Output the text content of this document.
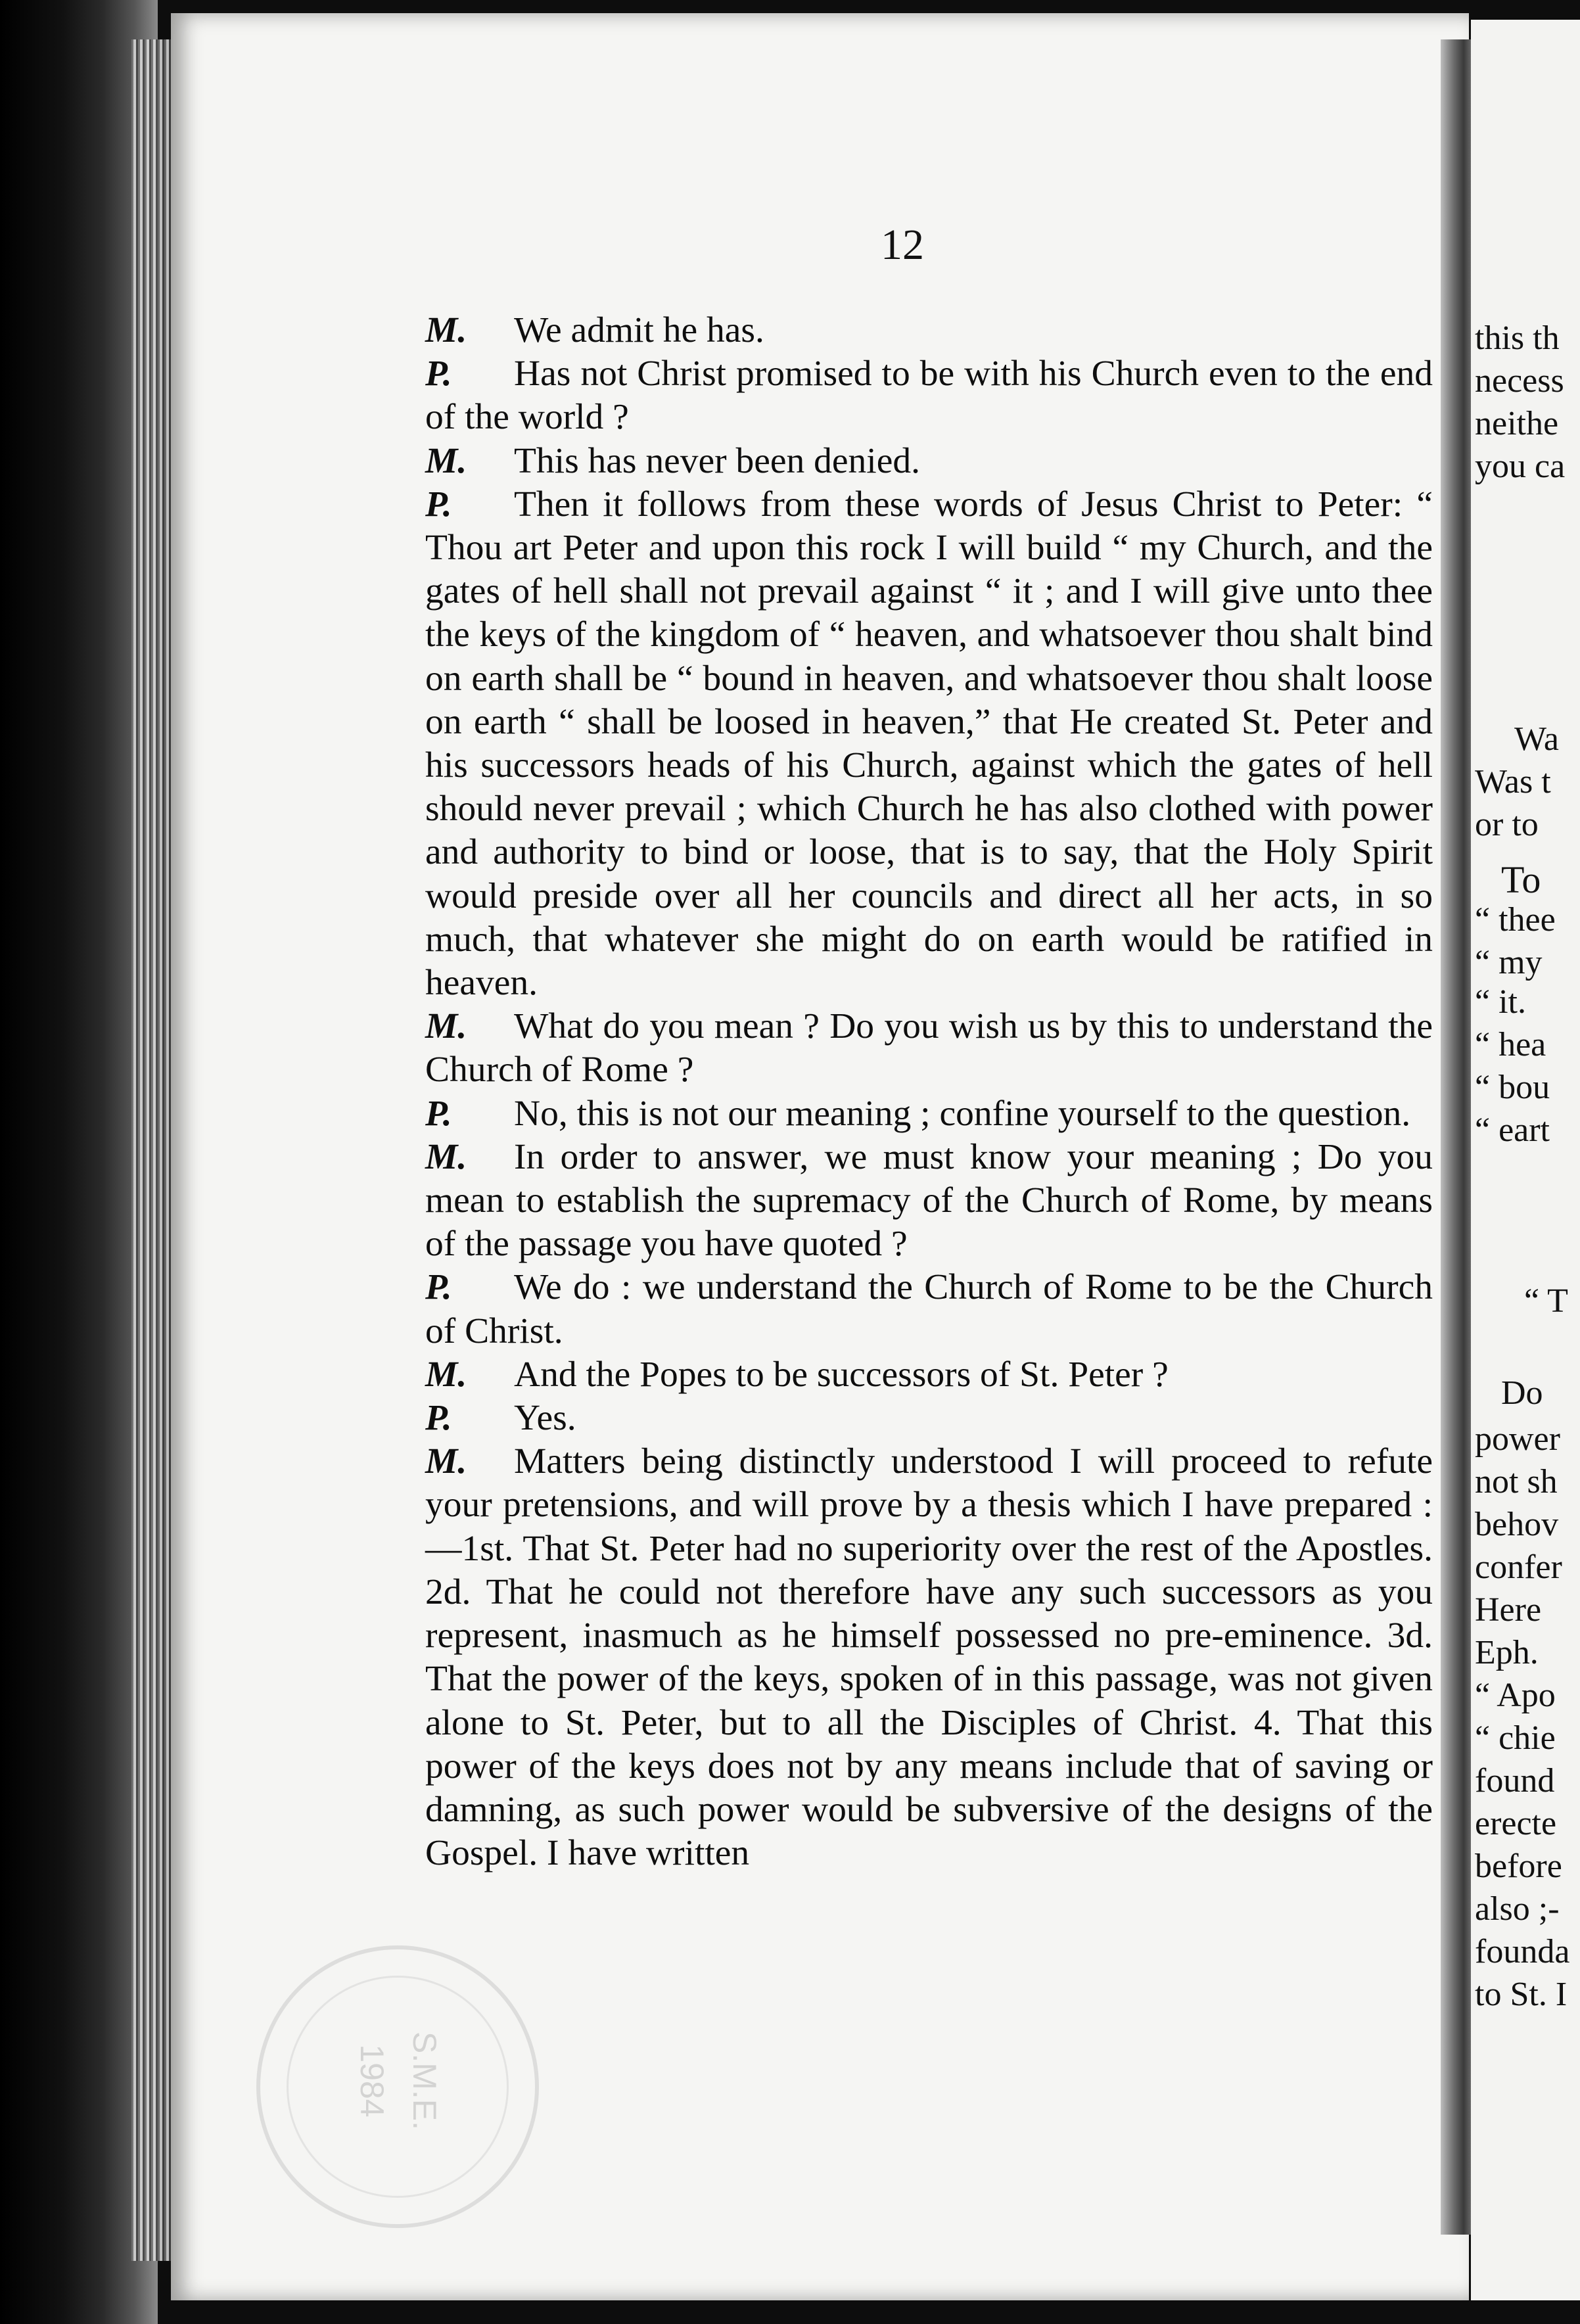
12

M. We admit he has.

P. Has not Christ promised to be with his Church even to the end of the world ?

M. This has never been denied.

P. Then it follows from these words of Jesus Christ to Peter: “ Thou art Peter and upon this rock I will build “ my Church, and the gates of hell shall not prevail against “ it ; and I will give unto thee the keys of the kingdom of “ heaven, and whatsoever thou shalt bind on earth shall be “ bound in heaven, and whatsoever thou shalt loose on earth “ shall be loosed in heaven,” that He created St. Peter and his successors heads of his Church, against which the gates of hell should never prevail ; which Church he has also clothed with power and authority to bind or loose, that is to say, that the Holy Spirit would preside over all her councils and direct all her acts, in so much, that whatever she might do on earth would be ratified in heaven.

M. What do you mean ? Do you wish us by this to understand the Church of Rome ?

P. No, this is not our meaning ; confine yourself to the question.

M. In order to answer, we must know your meaning ; Do you mean to establish the supremacy of the Church of Rome, by means of the passage you have quoted ?

P. We do : we understand the Church of Rome to be the Church of Christ.

M. And the Popes to be successors of St. Peter ?

P. Yes.

M. Matters being distinctly understood I will proceed to refute your pretensions, and will prove by a thesis which I have prepared :—1st. That St. Peter had no superiority over the rest of the Apostles. 2d. That he could not therefore have any such successors as you represent, inasmuch as he himself possessed no pre-eminence. 3d. That the power of the keys, spoken of in this passage, was not given alone to St. Peter, but to all the Disciples of Christ. 4. That this power of the keys does not by any means include that of saving or damning, as such power would be subversive of the designs of the Gospel. I have written

S.M.E.
1984
this th
necess
neithe
you ca
Wa
Was t
or to
To
“ thee
“ my
“ it.
“ hea
“ bou
“ eart
“ T
Do
power
not sh
behov
confer
Here
Eph.
“ Apo
“ chie
found
erecte
before
also ;-
founda
to St. I
